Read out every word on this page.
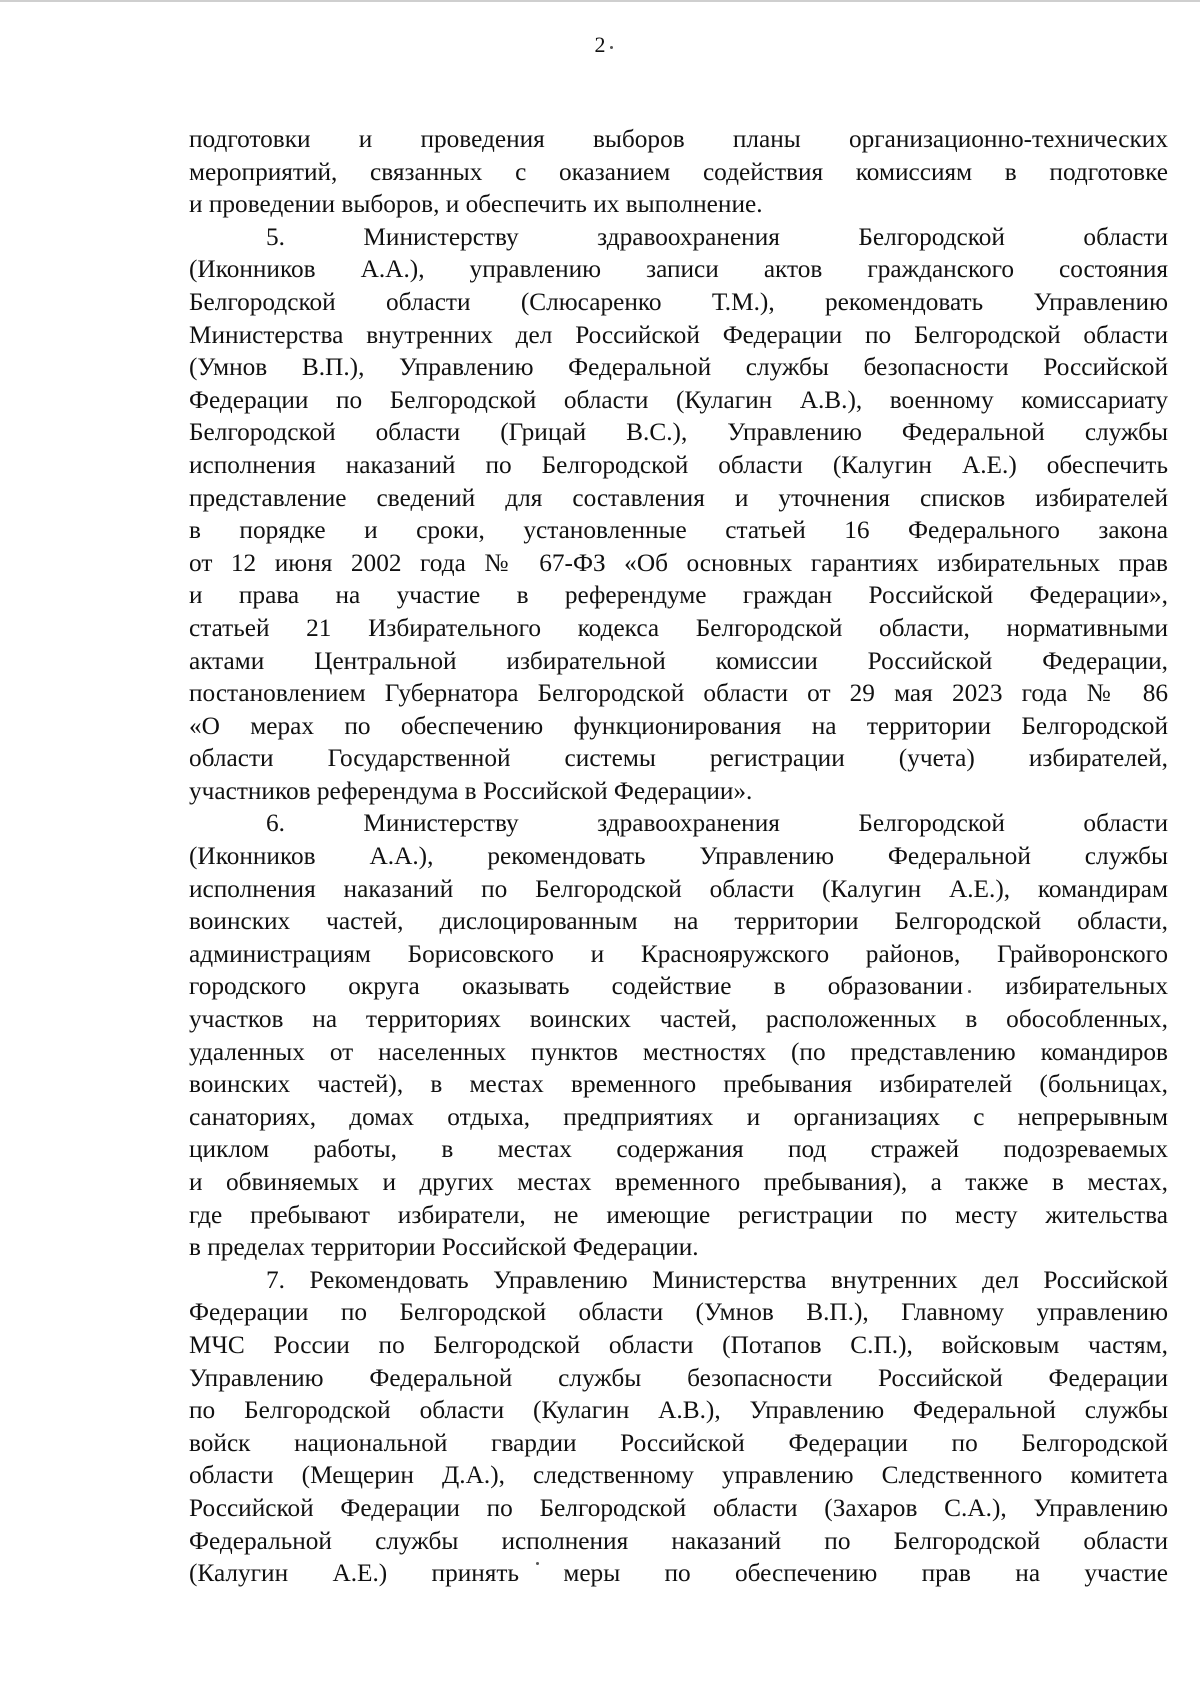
2

подготовки и проведения выборов планы организационно-технических

мероприятий, связанных с оказанием содействия комиссиям в подготовке

и проведении выборов, и обеспечить их выполнение.

5. Министерству здравоохранения Белгородской области

(Иконников А.А.), управлению записи актов гражданского состояния

Белгородской области (Слюсаренко Т.М.), рекомендовать Управлению

Министерства внутренних дел Российской Федерации по Белгородской области

(Умнов В.П.), Управлению Федеральной службы безопасности Российской

Федерации по Белгородской области (Кулагин А.В.), военному комиссариату

Белгородской области (Грицай В.С.), Управлению Федеральной службы

исполнения наказаний по Белгородской области (Калугин А.Е.) обеспечить

представление сведений для составления и уточнения списков избирателей

в порядке и сроки, установленные статьей 16 Федерального закона

от 12 июня 2002 года № 67-ФЗ «Об основных гарантиях избирательных прав

и права на участие в референдуме граждан Российской Федерации»,

статьей 21 Избирательного кодекса Белгородской области, нормативными

актами Центральной избирательной комиссии Российской Федерации,

постановлением Губернатора Белгородской области от 29 мая 2023 года № 86

«О мерах по обеспечению функционирования на территории Белгородской

области Государственной системы регистрации (учета) избирателей,

участников референдума в Российской Федерации».

6. Министерству здравоохранения Белгородской области

(Иконников А.А.), рекомендовать Управлению Федеральной службы

исполнения наказаний по Белгородской области (Калугин А.Е.), командирам

воинских частей, дислоцированным на территории Белгородской области,

администрациям Борисовского и Краснояружского районов, Грайворонского

городского округа оказывать содействие в образовании избирательных

участков на территориях воинских частей, расположенных в обособленных,

удаленных от населенных пунктов местностях (по представлению командиров

воинских частей), в местах временного пребывания избирателей (больницах,

санаториях, домах отдыха, предприятиях и организациях с непрерывным

циклом работы, в местах содержания под стражей подозреваемых

и обвиняемых и других местах временного пребывания), а также в местах,

где пребывают избиратели, не имеющие регистрации по месту жительства

в пределах территории Российской Федерации.

7. Рекомендовать Управлению Министерства внутренних дел Российской

Федерации по Белгородской области (Умнов В.П.), Главному управлению

МЧС России по Белгородской области (Потапов С.П.), войсковым частям,

Управлению Федеральной службы безопасности Российской Федерации

по Белгородской области (Кулагин А.В.), Управлению Федеральной службы

войск национальной гвардии Российской Федерации по Белгородской

области (Мещерин Д.А.), следственному управлению Следственного комитета

Российской Федерации по Белгородской области (Захаров С.А.), Управлению

Федеральной службы исполнения наказаний по Белгородской области

(Калугин А.Е.) принять меры по обеспечению прав на участие
